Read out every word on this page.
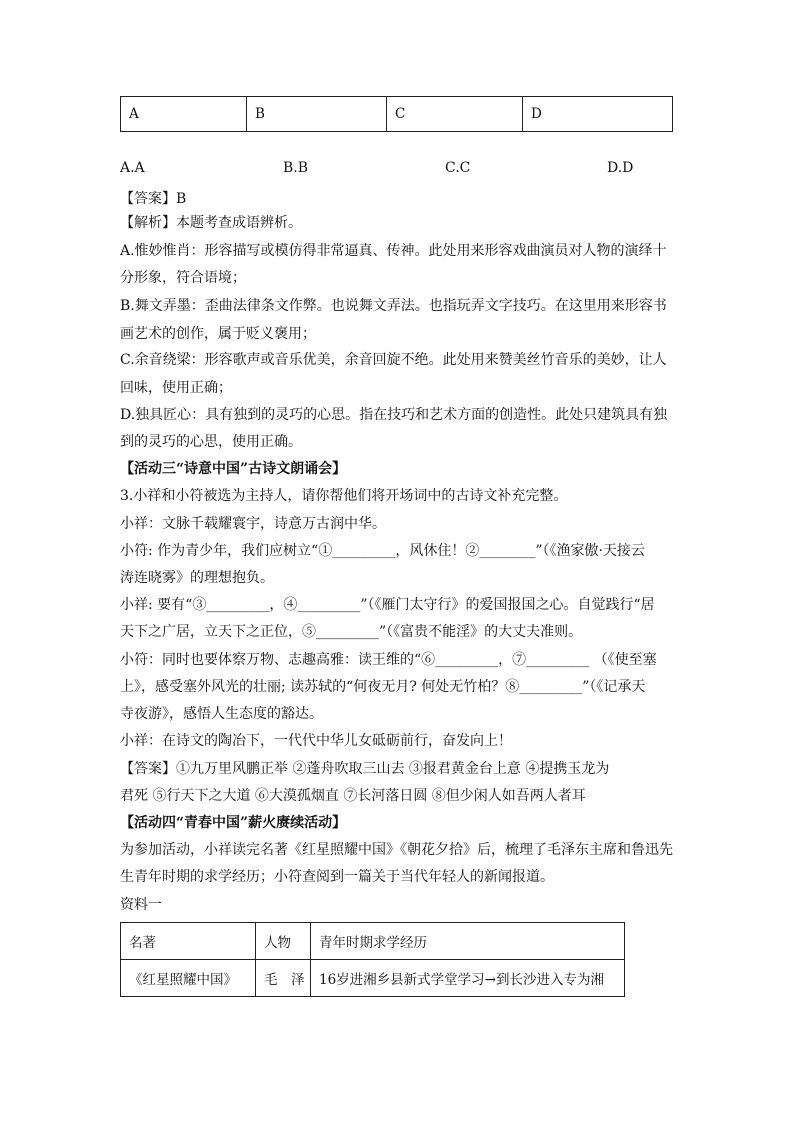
A	B	C	D
A.A	B.B	C.C	D.D
【答案】B
【解析】本题考查成语辨析。
A.惟妙惟肖：形容描写或模仿得非常逼真、传神。此处用来形容戏曲演员对人物的演绎十
分形象，符合语境；
B.舞文弄墨：歪曲法律条文作弊。也说舞文弄法。也指玩弄文字技巧。在这里用来形容书
画艺术的创作，属于贬义褒用；
C.余音绕梁：形容歌声或音乐优美，余音回旋不绝。此处用来赞美丝竹音乐的美妙，让人
回味，使用正确；
D.独具匠心：具有独到的灵巧的心思。指在技巧和艺术方面的创造性。此处只建筑具有独
到的灵巧的心思，使用正确。
【活动三“诗意中国”古诗文朗诵会】
3.小祥和小符被选为主持人，请你帮他们将开场词中的古诗文补充完整。
小祥：文脉千载耀寰宇，诗意万古润中华。
小符: 作为青少年，我们应树立“①_________，风休住！②________”（《渔家傲·天接云
涛连晓雾》的理想抱负。
小祥: 要有“③_________，④_________”（《雁门太守行》的爱国报国之心。自觉践行“居
天下之广居，立天下之正位，⑤_________”（《富贵不能淫》的大丈夫准则。
小符：同时也要体察万物、志趣高雅：读王维的“⑥_________，⑦_________ （《使至塞
上》，感受塞外风光的壮丽; 读苏轼的“何夜无月? 何处无竹柏？⑧_________”（《记承天
寺夜游》，感悟人生态度的豁达。
小祥：在诗文的陶冶下，一代代中华儿女砥砺前行，奋发向上！
【答案】①九万里风鹏正举 ②蓬舟吹取三山去 ③报君黄金台上意 ④提携玉龙为
君死 ⑤行天下之大道 ⑥大漠孤烟直 ⑦长河落日圆 ⑧但少闲人如吾两人者耳
【活动四“青春中国”薪火赓续活动】
为参加活动，小祥读完名著《红星照耀中国》《朝花夕拾》后，梳理了毛泽东主席和鲁迅先
生青年时期的求学经历；小符查阅到一篇关于当代年轻人的新闻报道。
资料一
名著	人物	青年时期求学经历
《红星照耀中国》	毛　泽	16岁进湘乡县新式学堂学习→到长沙进入专为湘
